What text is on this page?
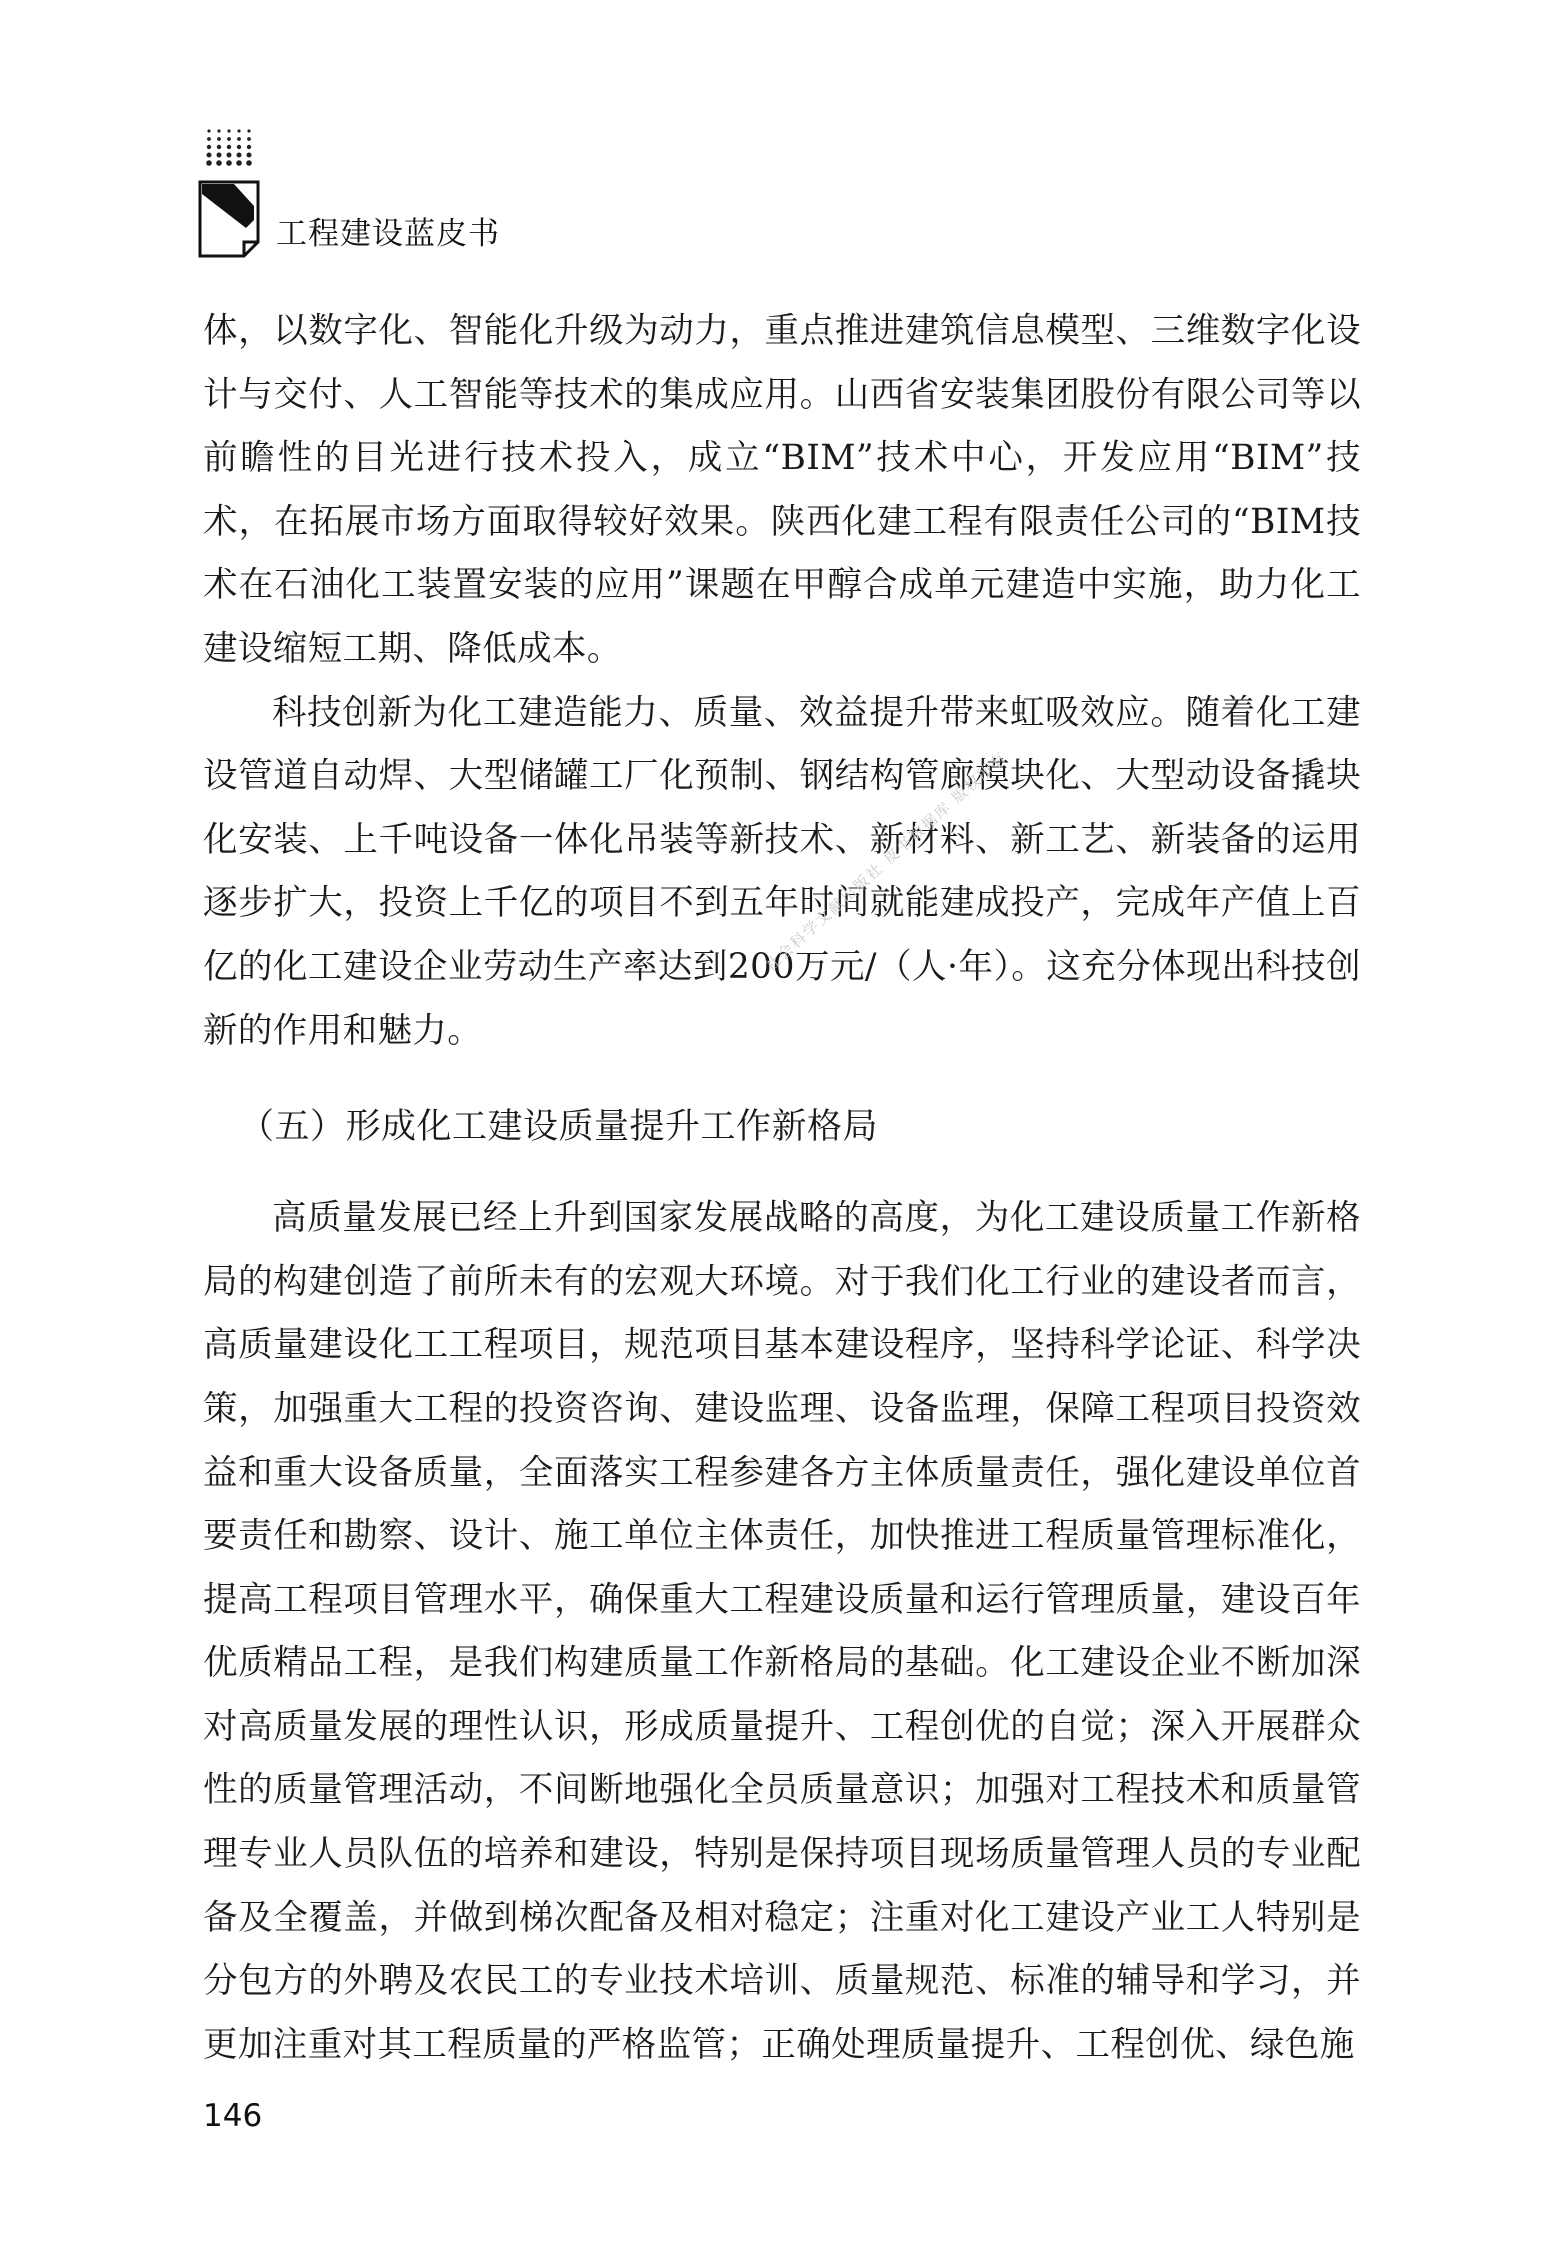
工程建设蓝皮书

体，以数字化、智能化升级为动力，重点推进建筑信息模型、三维数字化设计与交付、人工智能等技术的集成应用。山西省安装集团股份有限公司等以前瞻性的目光进行技术投入，成立“BIM”技术中心，开发应用“BIM”技术，在拓展市场方面取得较好效果。陕西化建工程有限责任公司的“BIM技术在石油化工装置安装的应用”课题在甲醇合成单元建造中实施，助力化工建设缩短工期、降低成本。

科技创新为化工建造能力、质量、效益提升带来虹吸效应。随着化工建设管道自动焊、大型储罐工厂化预制、钢结构管廊模块化、大型动设备撬块化安装、上千吨设备一体化吊装等新技术、新材料、新工艺、新装备的运用逐步扩大，投资上千亿的项目不到五年时间就能建成投产，完成年产值上百亿的化工建设企业劳动生产率达到200万元/（人·年）。这充分体现出科技创新的作用和魅力。

（五）形成化工建设质量提升工作新格局

高质量发展已经上升到国家发展战略的高度，为化工建设质量工作新格局的构建创造了前所未有的宏观大环境。对于我们化工行业的建设者而言，高质量建设化工工程项目，规范项目基本建设程序，坚持科学论证、科学决策，加强重大工程的投资咨询、建设监理、设备监理，保障工程项目投资效益和重大设备质量，全面落实工程参建各方主体质量责任，强化建设单位首要责任和勘察、设计、施工单位主体责任，加快推进工程质量管理标准化，提高工程项目管理水平，确保重大工程建设质量和运行管理质量，建设百年优质精品工程，是我们构建质量工作新格局的基础。化工建设企业不断加深对高质量发展的理性认识，形成质量提升、工程创优的自觉；深入开展群众性的质量管理活动，不间断地强化全员质量意识；加强对工程技术和质量管理专业人员队伍的培养和建设，特别是保持项目现场质量管理人员的专业配备及全覆盖，并做到梯次配备及相对稳定；注重对化工建设产业工人特别是分包方的外聘及农民工的专业技术培训、质量规范、标准的辅导和学习，并更加注重对其工程质量的严格监管；正确处理质量提升、工程创优、绿色施

社会科学文献出版社 皮书数据库 版权所有
146
